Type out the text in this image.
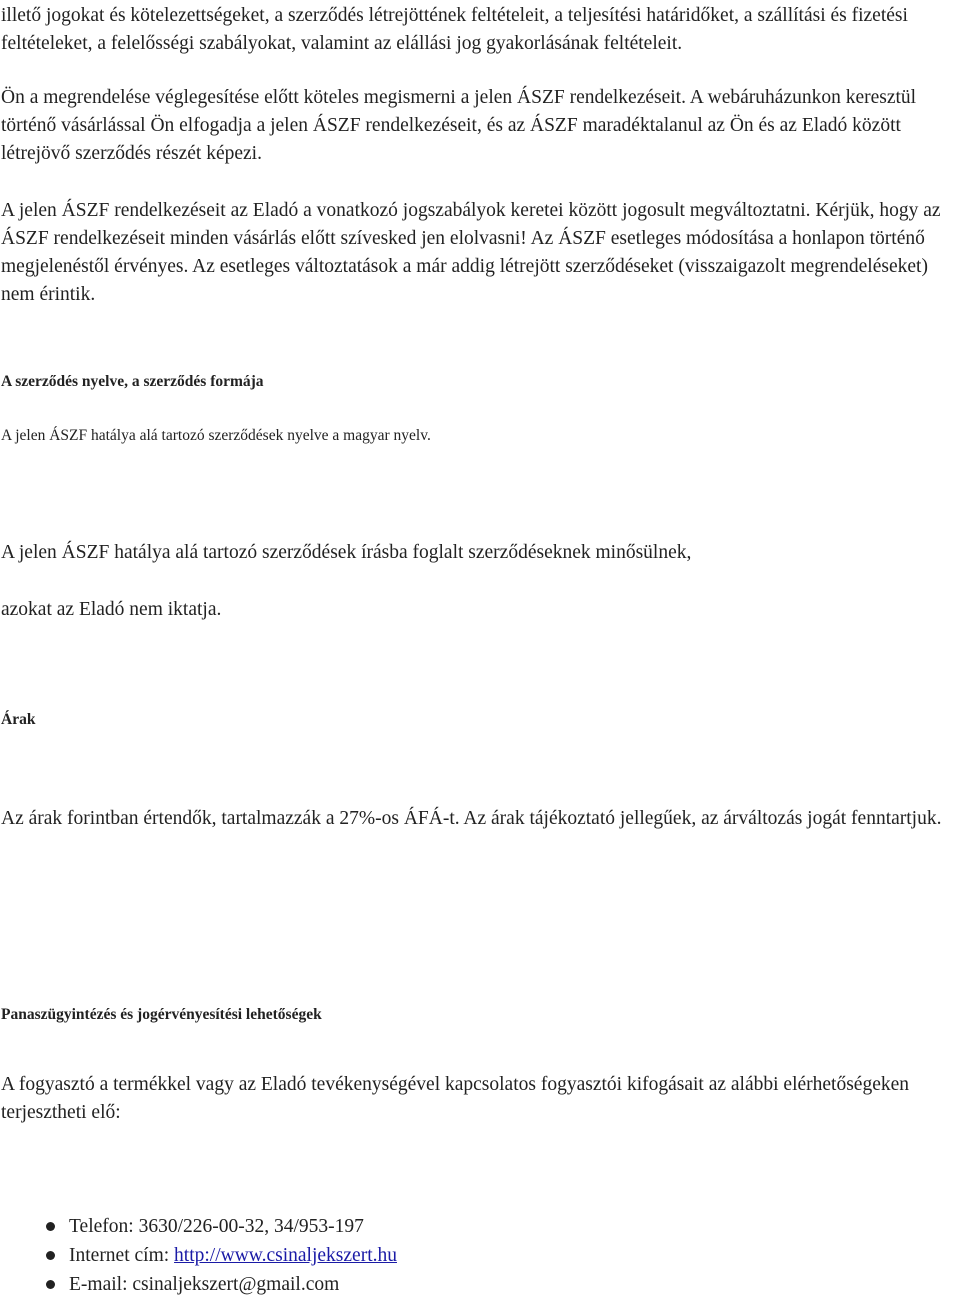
illető jogokat és kötelezettségeket, a szerződés létrejöttének feltételeit, a teljesítési határidőket, a szállítási és fizetési feltételeket, a felelősségi szabályokat, valamint az elállási jog gyakorlásának feltételeit.

Ön a megrendelése véglegesítése előtt köteles megismerni a jelen ÁSZF rendelkezéseit. A webáruházunkon keresztül történő vásárlással Ön elfogadja a jelen ÁSZF rendelkezéseit, és az ÁSZF maradéktalanul az Ön és az Eladó között létrejövő szerződés részét képezi.

A jelen ÁSZF rendelkezéseit az Eladó a vonatkozó jogszabályok keretei között jogosult megváltoztatni. Kérjük, hogy az ÁSZF rendelkezéseit minden vásárlás előtt szívesked jen elolvasni! Az ÁSZF esetleges módosítása a honlapon történő megjelenéstől érvényes. Az esetleges változtatások a már addig létrejött szerződéseket (visszaigazolt megrendeléseket) nem érintik.

A szerződés nyelve, a szerződés formája

A jelen ÁSZF hatálya alá tartozó szerződések nyelve a magyar nyelv.

A jelen ÁSZF hatálya alá tartozó szerződések írásba foglalt szerződéseknek minősülnek,

azokat az Eladó nem iktatja.

Árak

Az árak forintban értendők, tartalmazzák a 27%-os ÁFÁ-t. Az árak tájékoztató jellegűek, az árváltozás jogát fenntartjuk.

Panaszügyintézés és jogérvényesítési lehetőségek

A fogyasztó a termékkel vagy az Eladó tevékenységével kapcsolatos fogyasztói kifogásait az alábbi elérhetőségeken terjesztheti elő:

Telefon: 3630/226-00-32, 34/953-197
Internet cím: http://www.csinaljekszert.hu
E-mail: csinaljekszert@gmail.com
